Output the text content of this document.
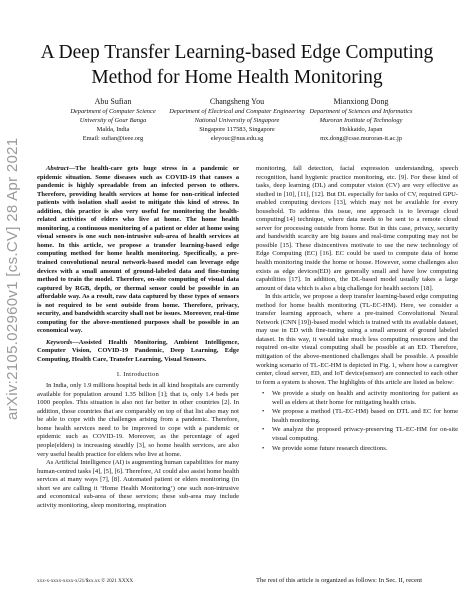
arXiv:2105.02960v1 [cs.CV] 28 Apr 2021
A Deep Transfer Learning-based Edge Computing
Method for Home Health Monitoring
Abu Sufian
Department of Computer Science
University of Gour Banga
Malda, India
Email: sufian@ieee.org
Changsheng You
Department of Electrical and Computer Engineering
National University of Singapore
Singapore 117583, Singapore
eleyouc@nus.edu.sg
Mianxiong Dong
Department of Sciences and Informatics
Muroran Institute of Technology
Hokkaido, Japan
mx.dong@csse.muroran-it.ac.jp

Abstract—The health-care gets huge stress in a pandemic or epidemic situation. Some diseases such as COVID-19 that causes a pandemic is highly spreadable from an infected person to others. Therefore, providing health services at home for non-critical infected patients with isolation shall assist to mitigate this kind of stress. In addition, this practice is also very useful for monitoring the health-related activities of elders who live at home. The home health monitoring, a continuous monitoring of a patient or elder at home using visual sensors is one such non-intrusive sub-area of health services at home. In this article, we propose a transfer learning-based edge computing method for home health monitoring. Specifically, a pre-trained convolutional neural network-based model can leverage edge devices with a small amount of ground-labeled data and fine-tuning method to train the model. Therefore, on-site computing of visual data captured by RGB, depth, or thermal sensor could be possible in an affordable way. As a result, raw data captured by these types of sensors is not required to be sent outside from home. Therefore, privacy, security, and bandwidth scarcity shall not be issues. Moreover, real-time computing for the above-mentioned purposes shall be possible in an economical way.

Keywords—Assisted Health Monitoring, Ambient Intelligence, Computer Vision, COVID-19 Pandemic, Deep Learning, Edge Computing, Health Care, Transfer Learning, Visual Sensors.

I. Introduction

In India, only 1.9 millions hospital beds in all kind hospitals are currently available for population around 1.35 billion [1]; that is, only 1.4 beds per 1000 peoples. This situation is also not far better in other countries [2]. In addition, those countries that are comparably on top of that list also may not be able to cope with the challenges arising from a pandemic. Therefore, home health services need to be improved to cope with a pandemic or epidemic such as COVID-19. Moreover, as the percentage of aged people(elders) is increasing steadily [3], so home health services, are also very useful health practice for elders who live at home.

As Artificial Intelligence (AI) is augmenting human capabilities for many human-centred tasks [4], [5], [6]. Therefore, AI could also assist home health services at many ways [7], [8]. Automated patient or elders monitoring (in short we are calling it ‘Home Health Monitoring’) one such non-intrusive and economical sub-area of these services; these sub-area may include activity monitoring, sleep monitoring, respiration

monitoring, fall detection, facial expression understanding, speech recognition, hand hygienic practice monitoring, etc. [9]. For these kind of tasks, deep learning (DL) and computer vision (CV) are very effective as studied in [10], [11], [12]. But DL especially for tasks of CV, required GPU-enabled computing devices [13], which may not be available for every household. To address this issue, one approach is to leverage cloud computing[14] technique, where data needs to be sent to a remote cloud server for processing outside from home. But in this case, privacy, security and bandwidth scarcity are big issues and real-time computing may not be possible [15]. These disincentives motivate to use the new technology of Edge Computing (EC) [16]. EC could be used to compute data of home health monitoring inside the home or house. However, some challenges also exists as edge devices(ED) are generally small and have low computing capabilities [17]. In addition, the DL-based model usually takes a large amount of data which is also a big challenge for health sectors [18].

In this article, we propose a deep transfer learning-based edge computing method for home health monitoring (TL-EC-HM). Here, we consider a transfer learning approach, where a pre-trained Convolutional Neural Network (CNN [19])-based model which is trained with its available dataset, may use in ED with fine-tuning using a small amount of ground labeled dataset. In this way, it would take much less computing resources and the required on-site visual computing shall be possible at an ED. Therefore, mitigation of the above-mentioned challenges shall be possible. A possible working scenario of TL-EC-HM is depicted in Fig. 1, where how a caregiver center, cloud server, ED, and IoT device(sensor) are connected to each other to form a system is shown. The highlights of this article are listed as below:

• We provide a study on health and activity monitoring for patient as well as elders at their home for mitigating health crisis.
• We propose a method (TL-EC-HM) based on DTL and EC for home health monitoring.
• We analyze the proposed privacy-preserving TL-EC-HM for on-site visual computing.
• We provide some future research directions.
The rest of this article is organized as follows: In Sec. II, recent
xxx-x-xxxx-xxxx-x/21/$xx.xx © 2021 XXXX
